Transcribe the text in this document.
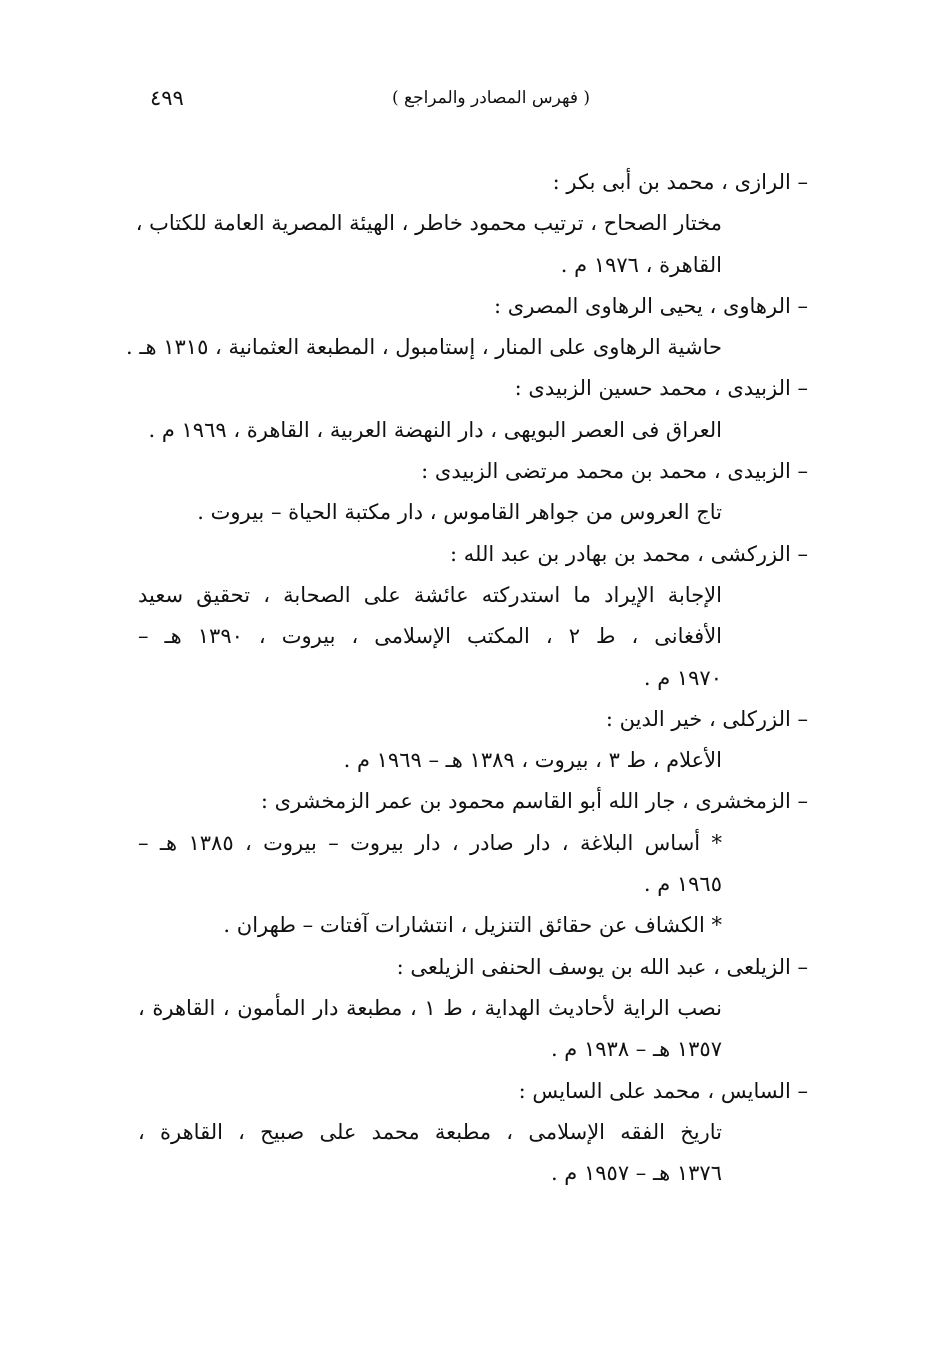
٤٩٩	( فهرس المصادر والمراجع )
– الرازى ، محمد بن أبى بكر :
مختار الصحاح ، ترتيب محمود خاطر ، الهيئة المصرية العامة للكتاب ،
القاهرة ، ١٩٧٦ م .
– الرهاوى ، يحيى الرهاوى المصرى :
حاشية الرهاوى على المنار ، إستامبول ، المطبعة العثمانية ، ١٣١٥ هـ .
– الزبيدى ، محمد حسين الزبيدى :
العراق فى العصر البويهى ، دار النهضة العربية ، القاهرة ، ١٩٦٩ م .
– الزبيدى ، محمد بن محمد مرتضى الزبيدى :
تاج العروس من جواهر القاموس ، دار مكتبة الحياة – بيروت .
– الزركشى ، محمد بن بهادر بن عبد الله :
الإجابة الإيراد ما استدركته عائشة على الصحابة ، تحقيق سعيد
الأفغانى ، ط ٢ ، المكتب الإسلامى ، بيروت ، ١٣٩٠ هـ –
١٩٧٠ م .
– الزركلى ، خير الدين :
الأعلام ، ط ٣ ، بيروت ، ١٣٨٩ هـ – ١٩٦٩ م .
– الزمخشرى ، جار الله أبو القاسم محمود بن عمر الزمخشرى :
* أساس البلاغة ، دار صادر ، دار بيروت – بيروت ، ١٣٨٥ هـ –
١٩٦٥ م .
* الكشاف عن حقائق التنزيل ، انتشارات آفتات – طهران .
– الزيلعى ، عبد الله بن يوسف الحنفى الزيلعى :
نصب الراية لأحاديث الهداية ، ط ١ ، مطبعة دار المأمون ، القاهرة ،
١٣٥٧ هـ – ١٩٣٨ م .
– السايس ، محمد على السايس :
تاريخ الفقه الإسلامى ، مطبعة محمد على صبيح ، القاهرة ،
١٣٧٦ هـ – ١٩٥٧ م .
